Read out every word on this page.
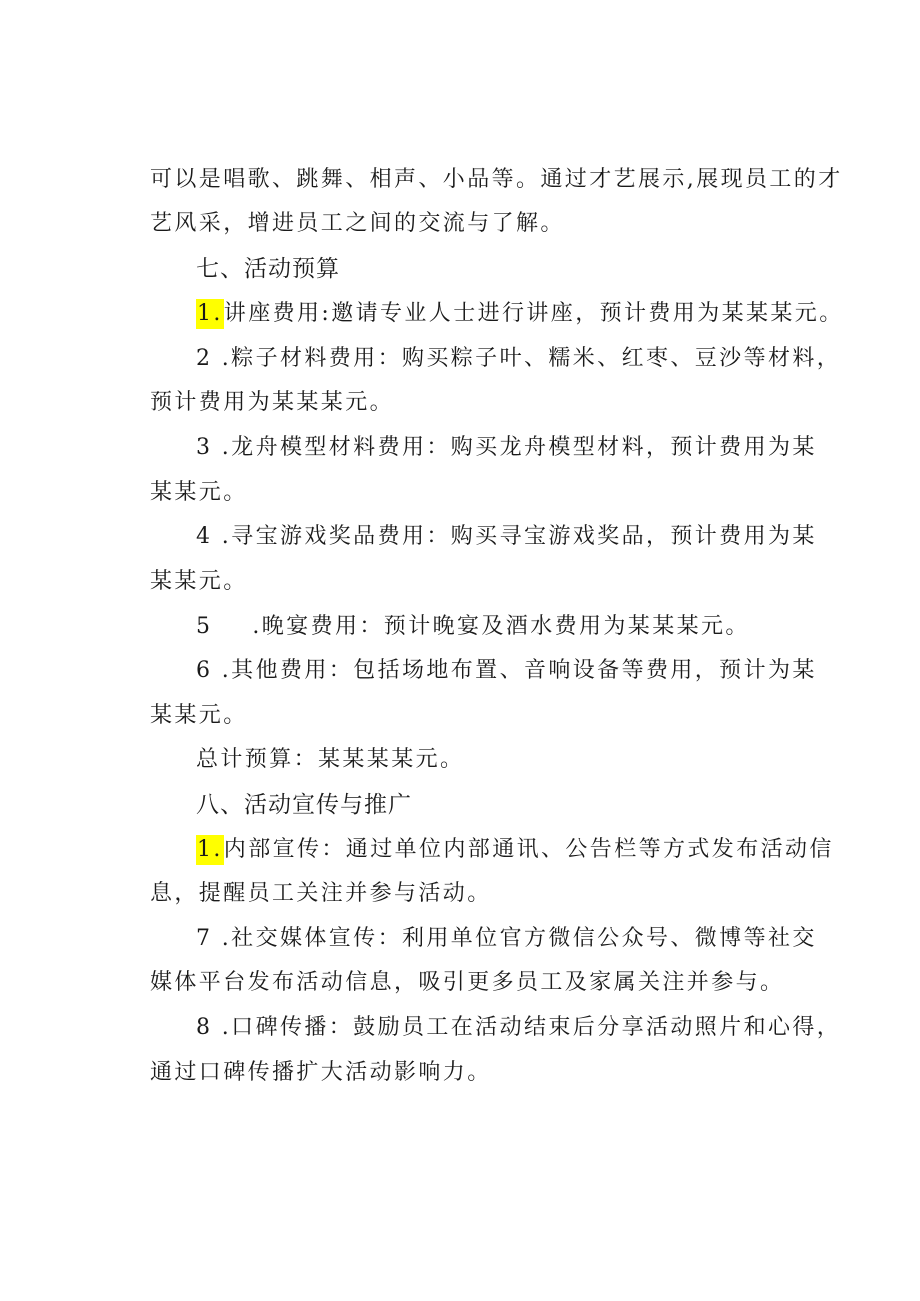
可以是唱歌、跳舞、相声、小品等。通过才艺展示,展现员工的才
艺风采，增进员工之间的交流与了解。
七、活动预算
1.讲座费用:邀请专业人士进行讲座，预计费用为某某某元。
2 .粽子材料费用：购买粽子叶、糯米、红枣、豆沙等材料，
预计费用为某某某元。
3 .龙舟模型材料费用：购买龙舟模型材料，预计费用为某
某某元。
4 .寻宝游戏奖品费用：购买寻宝游戏奖品，预计费用为某
某某元。
5 .晚宴费用：预计晚宴及酒水费用为某某某元。
6 .其他费用：包括场地布置、音响设备等费用，预计为某
某某元。
总计预算：某某某某元。
八、活动宣传与推广
1.内部宣传：通过单位内部通讯、公告栏等方式发布活动信
息，提醒员工关注并参与活动。
7 .社交媒体宣传：利用单位官方微信公众号、微博等社交
媒体平台发布活动信息，吸引更多员工及家属关注并参与。
8 .口碑传播：鼓励员工在活动结束后分享活动照片和心得，
通过口碑传播扩大活动影响力。
